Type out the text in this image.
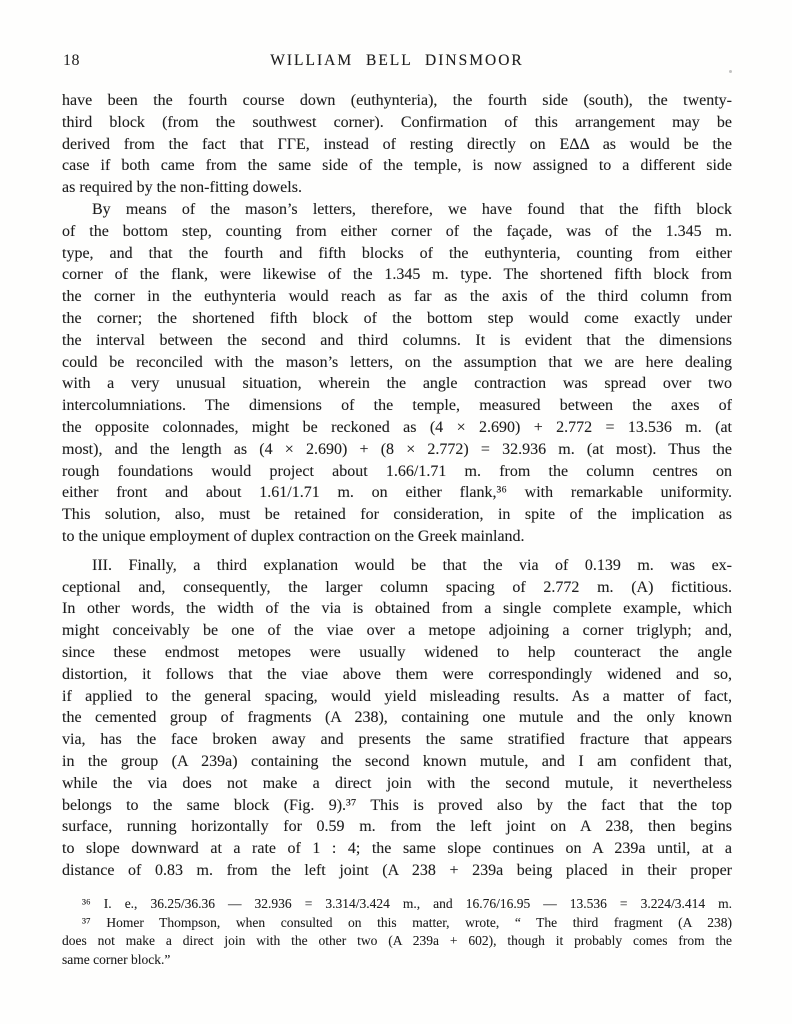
18	WILLIAM BELL DINSMOOR
have been the fourth course down (euthynteria), the fourth side (south), the twenty-
third block (from the southwest corner). Confirmation of this arrangement may be
derived from the fact that ΓΓΕ, instead of resting directly on ΕΔΔ as would be the
case if both came from the same side of the temple, is now assigned to a different side
as required by the non-fitting dowels.
By means of the mason’s letters, therefore, we have found that the fifth block
of the bottom step, counting from either corner of the façade, was of the 1.345 m.
type, and that the fourth and fifth blocks of the euthynteria, counting from either
corner of the flank, were likewise of the 1.345 m. type. The shortened fifth block from
the corner in the euthynteria would reach as far as the axis of the third column from
the corner; the shortened fifth block of the bottom step would come exactly under
the interval between the second and third columns. It is evident that the dimensions
could be reconciled with the mason’s letters, on the assumption that we are here dealing
with a very unusual situation, wherein the angle contraction was spread over two
intercolumniations. The dimensions of the temple, measured between the axes of
the opposite colonnades, might be reckoned as (4 × 2.690) + 2.772 = 13.536 m. (at
most), and the length as (4 × 2.690) + (8 × 2.772) = 32.936 m. (at most). Thus the
rough foundations would project about 1.66/1.71 m. from the column centres on
either front and about 1.61/1.71 m. on either flank,³⁶ with remarkable uniformity.
This solution, also, must be retained for consideration, in spite of the implication as
to the unique employment of duplex contraction on the Greek mainland.
III. Finally, a third explanation would be that the via of 0.139 m. was ex-
ceptional and, consequently, the larger column spacing of 2.772 m. (A) fictitious.
In other words, the width of the via is obtained from a single complete example, which
might conceivably be one of the viae over a metope adjoining a corner triglyph; and,
since these endmost metopes were usually widened to help counteract the angle
distortion, it follows that the viae above them were correspondingly widened and so,
if applied to the general spacing, would yield misleading results. As a matter of fact,
the cemented group of fragments (A 238), containing one mutule and the only known
via, has the face broken away and presents the same stratified fracture that appears
in the group (A 239a) containing the second known mutule, and I am confident that,
while the via does not make a direct join with the second mutule, it nevertheless
belongs to the same block (Fig. 9).³⁷ This is proved also by the fact that the top
surface, running horizontally for 0.59 m. from the left joint on A 238, then begins
to slope downward at a rate of 1 : 4; the same slope continues on A 239a until, at a
distance of 0.83 m. from the left joint (A 238 + 239a being placed in their proper
³⁶ I. e., 36.25/36.36 — 32.936 = 3.314/3.424 m., and 16.76/16.95 — 13.536 = 3.224/3.414 m.
³⁷ Homer Thompson, when consulted on this matter, wrote, “ The third fragment (A 238)
does not make a direct join with the other two (A 239a + 602), though it probably comes from the
same corner block.”
